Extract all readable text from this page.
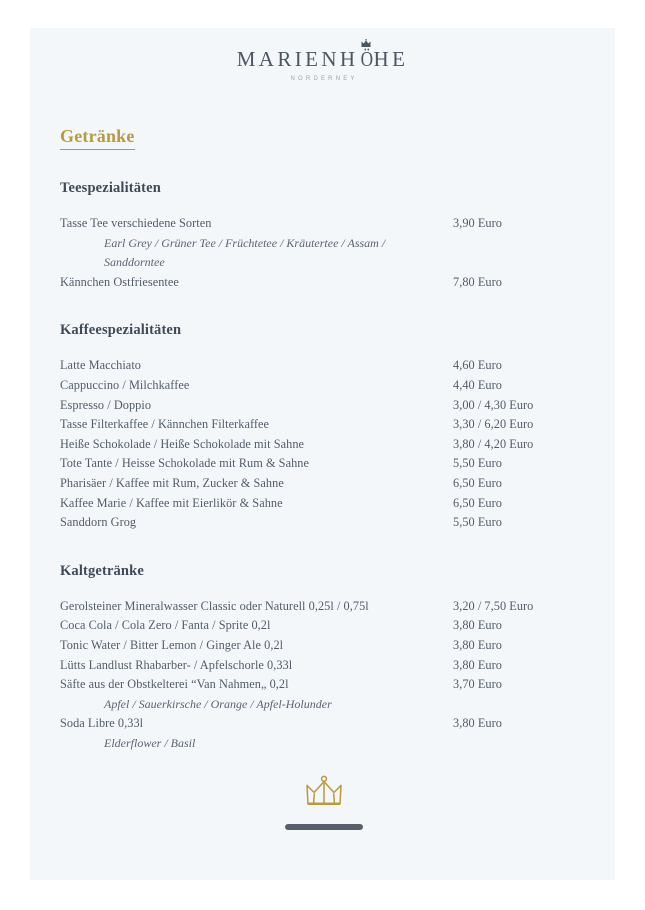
MARIENH
ÖHE
NORDERNEY
Getränke
Teespezialitäten
Tasse Tee verschiedene Sorten	3,90 Euro
Earl Grey / Grüner Tee / Früchtetee / Kräutertee / Assam / Sanddorntee
Kännchen Ostfriesentee	7,80 Euro
Kaffeespezialitäten
Latte Macchiato	4,60 Euro
Cappuccino / Milchkaffee	4,40 Euro
Espresso / Doppio	3,00 / 4,30 Euro
Tasse Filterkaffee / Kännchen Filterkaffee	3,30 / 6,20 Euro
Heiße Schokolade / Heiße Schokolade mit Sahne	3,80 / 4,20 Euro
Tote Tante / Heisse Schokolade mit Rum & Sahne	5,50 Euro
Pharisäer / Kaffee mit Rum, Zucker & Sahne	6,50 Euro
Kaffee Marie / Kaffee mit Eierlikör & Sahne	6,50 Euro
Sanddorn Grog	5,50 Euro
Kaltgetränke
Gerolsteiner Mineralwasser Classic oder Naturell 0,25l / 0,75l	3,20 / 7,50 Euro
Coca Cola / Cola Zero / Fanta / Sprite 0,2l	3,80 Euro
Tonic Water / Bitter Lemon / Ginger Ale 0,2l	3,80 Euro
Lütts Landlust Rhabarber- / Apfelschorle 0,33l	3,80 Euro
Säfte aus der Obstkelterei “Van Nahmen„ 0,2l	3,70 Euro
Apfel / Sauerkirsche / Orange / Apfel-Holunder
Soda Libre 0,33l	3,80 Euro
Elderflower / Basil
